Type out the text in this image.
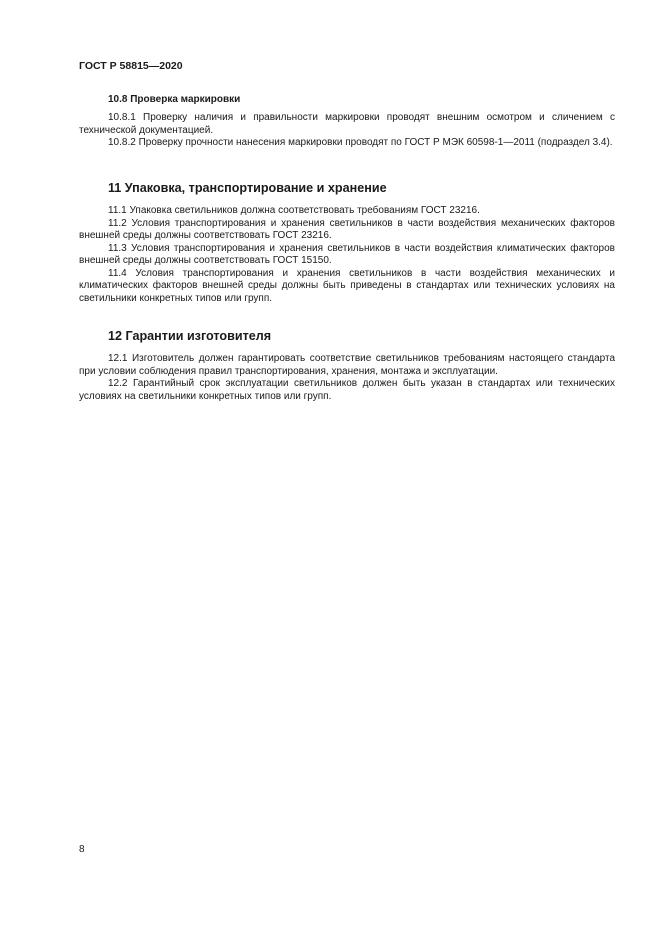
ГОСТ Р 58815—2020
10.8 Проверка маркировки

10.8.1 Проверку наличия и правильности маркировки проводят внешним осмотром и сличением с технической документацией.

10.8.2 Проверку прочности нанесения маркировки проводят по ГОСТ Р МЭК 60598-1—2011 (подраздел 3.4).

11 Упаковка, транспортирование и хранение

11.1 Упаковка светильников должна соответствовать требованиям ГОСТ 23216.

11.2 Условия транспортирования и хранения светильников в части воздействия механических факторов внешней среды должны соответствовать ГОСТ 23216.

11.3 Условия транспортирования и хранения светильников в части воздействия климатических факторов внешней среды должны соответствовать ГОСТ 15150.

11.4 Условия транспортирования и хранения светильников в части воздействия механических и климатических факторов внешней среды должны быть приведены в стандартах или технических условиях на светильники конкретных типов или групп.

12 Гарантии изготовителя

12.1 Изготовитель должен гарантировать соответствие светильников требованиям настоящего стандарта при условии соблюдения правил транспортирования, хранения, монтажа и эксплуатации.

12.2 Гарантийный срок эксплуатации светильников должен быть указан в стандартах или технических условиях на светильники конкретных типов или групп.

8
